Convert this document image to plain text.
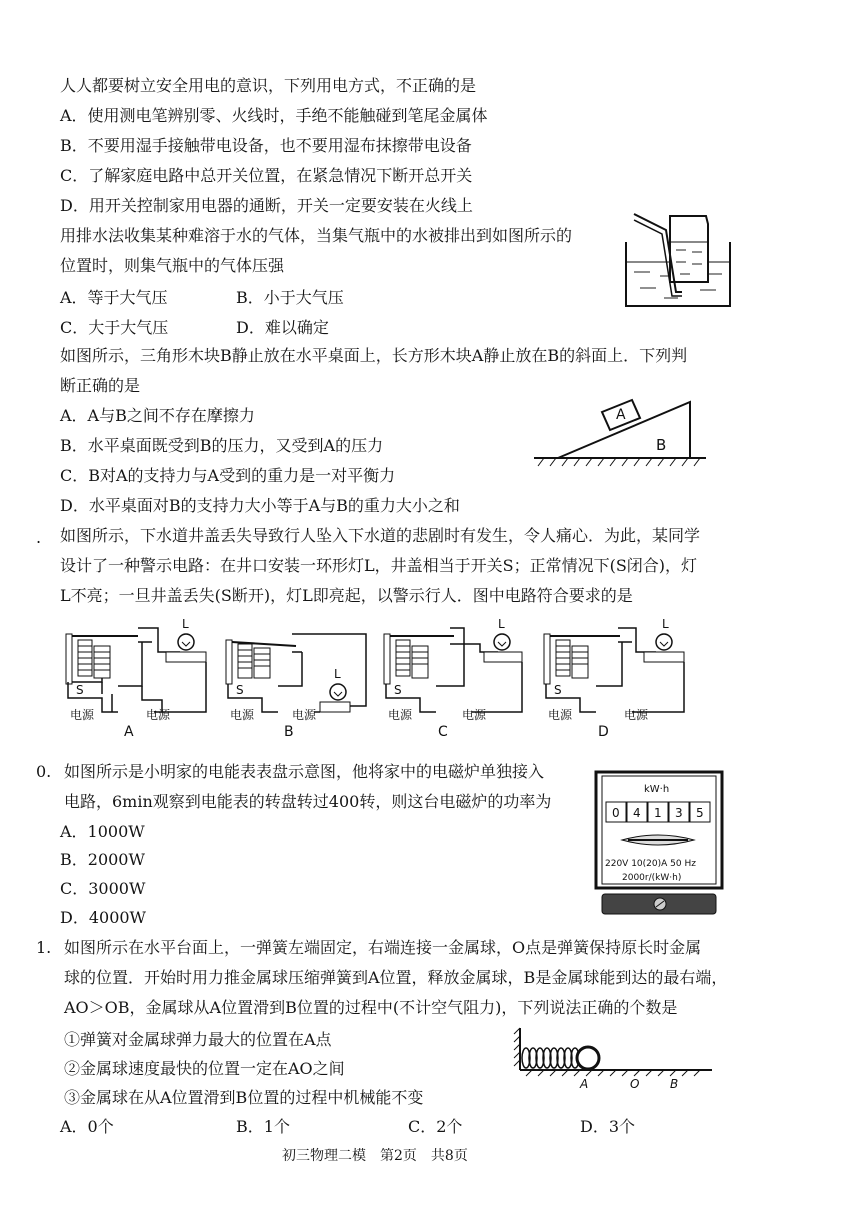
人人都要树立安全用电的意识，下列用电方式，不正确的是
A．使用测电笔辨别零、火线时，手绝不能触碰到笔尾金属体
B．不要用湿手接触带电设备，也不要用湿布抹擦带电设备
C．了解家庭电路中总开关位置，在紧急情况下断开总开关
D．用开关控制家用电器的通断，开关一定要安装在火线上
用排水法收集某种难溶于水的气体，当集气瓶中的水被排出到如图所示的
位置时，则集气瓶中的气体压强
A．等于大气压	B．小于大气压
C．大于大气压	D．难以确定
如图所示，三角形木块B静止放在水平桌面上，长方形木块A静止放在B的斜面上．下列判
断正确的是
A．A与B之间不存在摩擦力
B．水平桌面既受到B的压力，又受到A的压力
C．B对A的支持力与A受到的重力是一对平衡力
D．水平桌面对B的支持力大小等于A与B的重力大小之和
A
B
. 如图所示，下水道井盖丢失导致行人坠入下水道的悲剧时有发生，令人痛心．为此，某同学
设计了一种警示电路：在井口安装一环形灯L，井盖相当于开关S；正常情况下(S闭合)，灯
L不亮；一旦井盖丢失(S断开)，灯L即亮起，以警示行人．图中电路符合要求的是
L
S
电源	电源
A
L
S
电源	电源
B
L
S
电源	电源
C
L
S
电源	电源
D
0. 如图所示是小明家的电能表表盘示意图，他将家中的电磁炉单独接入
电路，6min观察到电能表的转盘转过400转，则这台电磁炉的功率为
A．1000W
B．2000W
C．3000W
D．4000W
kW·h
0 4 1 3 5
220V 10(20)A 50 Hz
2000r/(kW·h)
1. 如图所示在水平台面上，一弹簧左端固定，右端连接一金属球，O点是弹簧保持原长时金属
球的位置．开始时用力推金属球压缩弹簧到A位置，释放金属球，B是金属球能到达的最右端，
AO＞OB，金属球从A位置滑到B位置的过程中(不计空气阻力)，下列说法正确的个数是
①弹簧对金属球弹力最大的位置在A点
②金属球速度最快的位置一定在AO之间
③金属球在从A位置滑到B位置的过程中机械能不变
A．0个	B．1个	C．2个	D．3个
A	O	B
初三物理二模　第2页　共8页
